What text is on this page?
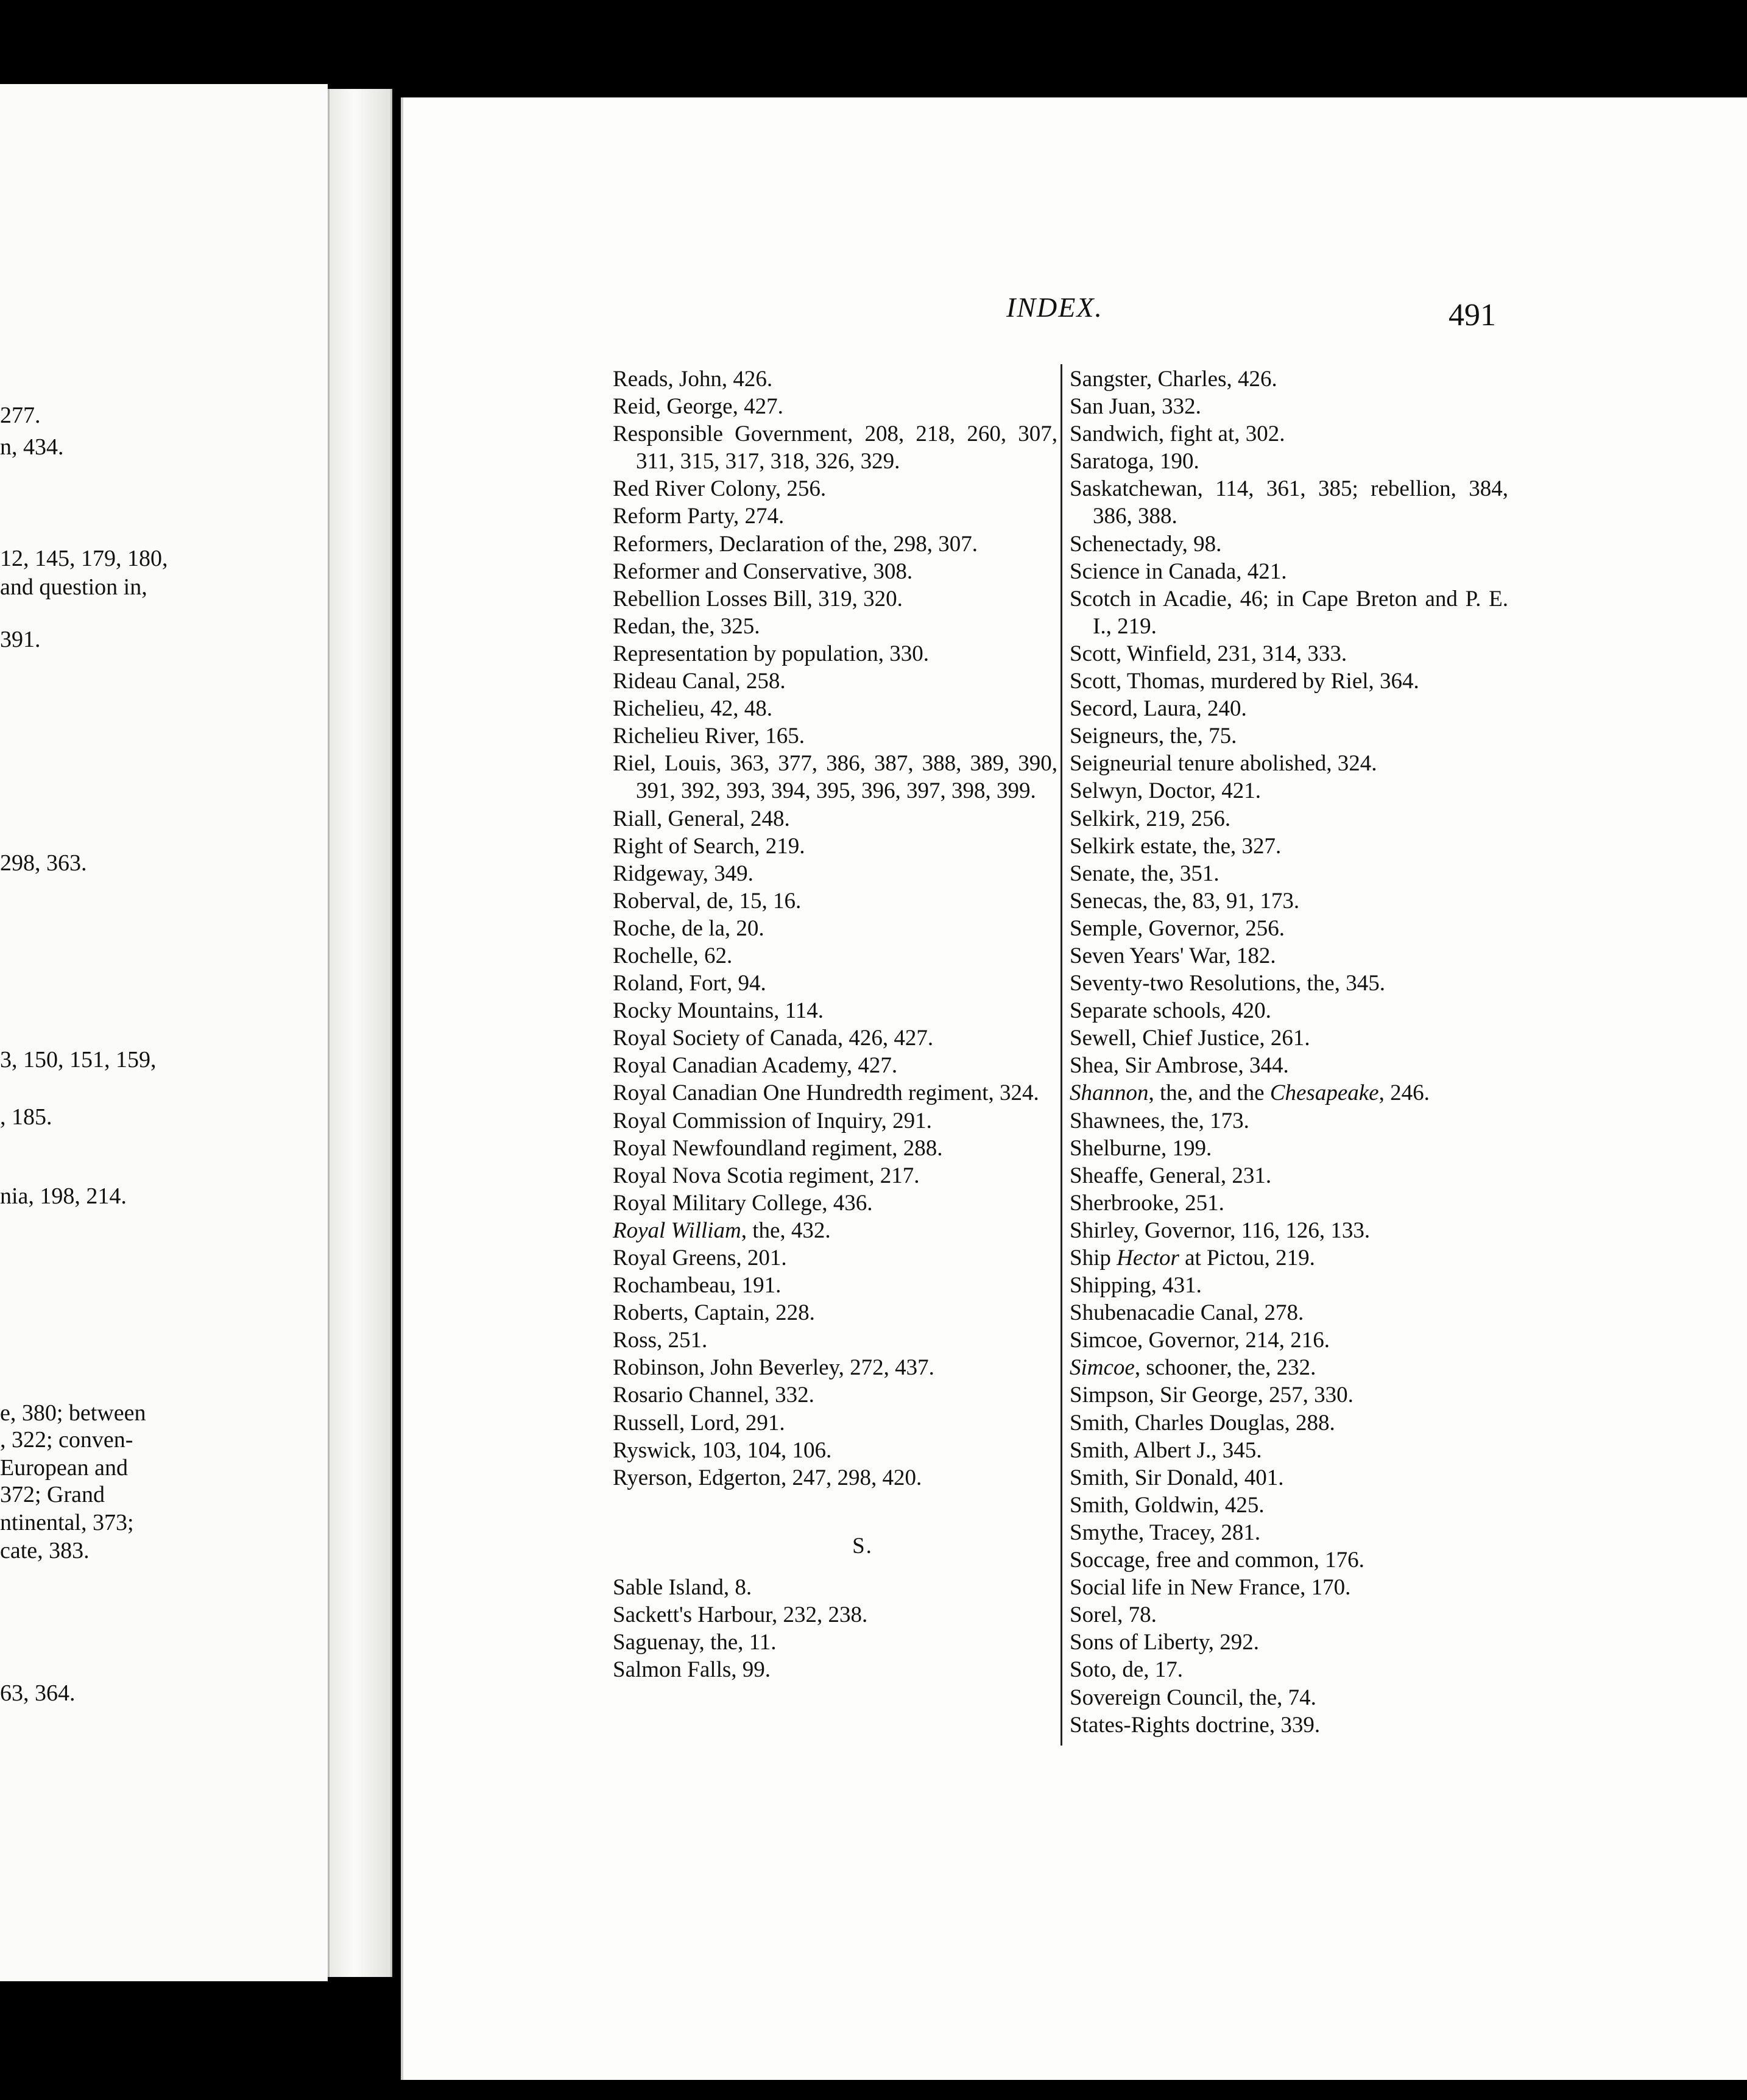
277.
n, 434.
12, 145, 179, 180,
and question in,
391.
298, 363.
3, 150, 151, 159,
, 185.
nia, 198, 214.
e, 380; between
, 322; conven-
European and
372; Grand
ntinental, 373;
cate, 383.
63, 364.
INDEX.	491
Reads, John, 426.
Reid, George, 427.
Responsible Government, 208, 218, 260, 307, 311, 315, 317, 318, 326, 329.
Red River Colony, 256.
Reform Party, 274.
Reformers, Declaration of the, 298, 307.
Reformer and Conservative, 308.
Rebellion Losses Bill, 319, 320.
Redan, the, 325.
Representation by population, 330.
Rideau Canal, 258.
Richelieu, 42, 48.
Richelieu River, 165.
Riel, Louis, 363, 377, 386, 387, 388, 389, 390, 391, 392, 393, 394, 395, 396, 397, 398, 399.
Riall, General, 248.
Right of Search, 219.
Ridgeway, 349.
Roberval, de, 15, 16.
Roche, de la, 20.
Rochelle, 62.
Roland, Fort, 94.
Rocky Mountains, 114.
Royal Society of Canada, 426, 427.
Royal Canadian Academy, 427.
Royal Canadian One Hundredth regiment, 324.
Royal Commission of Inquiry, 291.
Royal Newfoundland regiment, 288.
Royal Nova Scotia regiment, 217.
Royal Military College, 436.
Royal William, the, 432.
Royal Greens, 201.
Rochambeau, 191.
Roberts, Captain, 228.
Ross, 251.
Robinson, John Beverley, 272, 437.
Rosario Channel, 332.
Russell, Lord, 291.
Ryswick, 103, 104, 106.
Ryerson, Edgerton, 247, 298, 420.
S.
Sable Island, 8.
Sackett's Harbour, 232, 238.
Saguenay, the, 11.
Salmon Falls, 99.
Sangster, Charles, 426.
San Juan, 332.
Sandwich, fight at, 302.
Saratoga, 190.
Saskatchewan, 114, 361, 385; rebellion, 384, 386, 388.
Schenectady, 98.
Science in Canada, 421.
Scotch in Acadie, 46; in Cape Breton and P. E. I., 219.
Scott, Winfield, 231, 314, 333.
Scott, Thomas, murdered by Riel, 364.
Secord, Laura, 240.
Seigneurs, the, 75.
Seigneurial tenure abolished, 324.
Selwyn, Doctor, 421.
Selkirk, 219, 256.
Selkirk estate, the, 327.
Senate, the, 351.
Senecas, the, 83, 91, 173.
Semple, Governor, 256.
Seven Years' War, 182.
Seventy-two Resolutions, the, 345.
Separate schools, 420.
Sewell, Chief Justice, 261.
Shea, Sir Ambrose, 344.
Shannon, the, and the Chesapeake, 246.
Shawnees, the, 173.
Shelburne, 199.
Sheaffe, General, 231.
Sherbrooke, 251.
Shirley, Governor, 116, 126, 133.
Ship Hector at Pictou, 219.
Shipping, 431.
Shubenacadie Canal, 278.
Simcoe, Governor, 214, 216.
Simcoe, schooner, the, 232.
Simpson, Sir George, 257, 330.
Smith, Charles Douglas, 288.
Smith, Albert J., 345.
Smith, Sir Donald, 401.
Smith, Goldwin, 425.
Smythe, Tracey, 281.
Soccage, free and common, 176.
Social life in New France, 170.
Sorel, 78.
Sons of Liberty, 292.
Soto, de, 17.
Sovereign Council, the, 74.
States-Rights doctrine, 339.
